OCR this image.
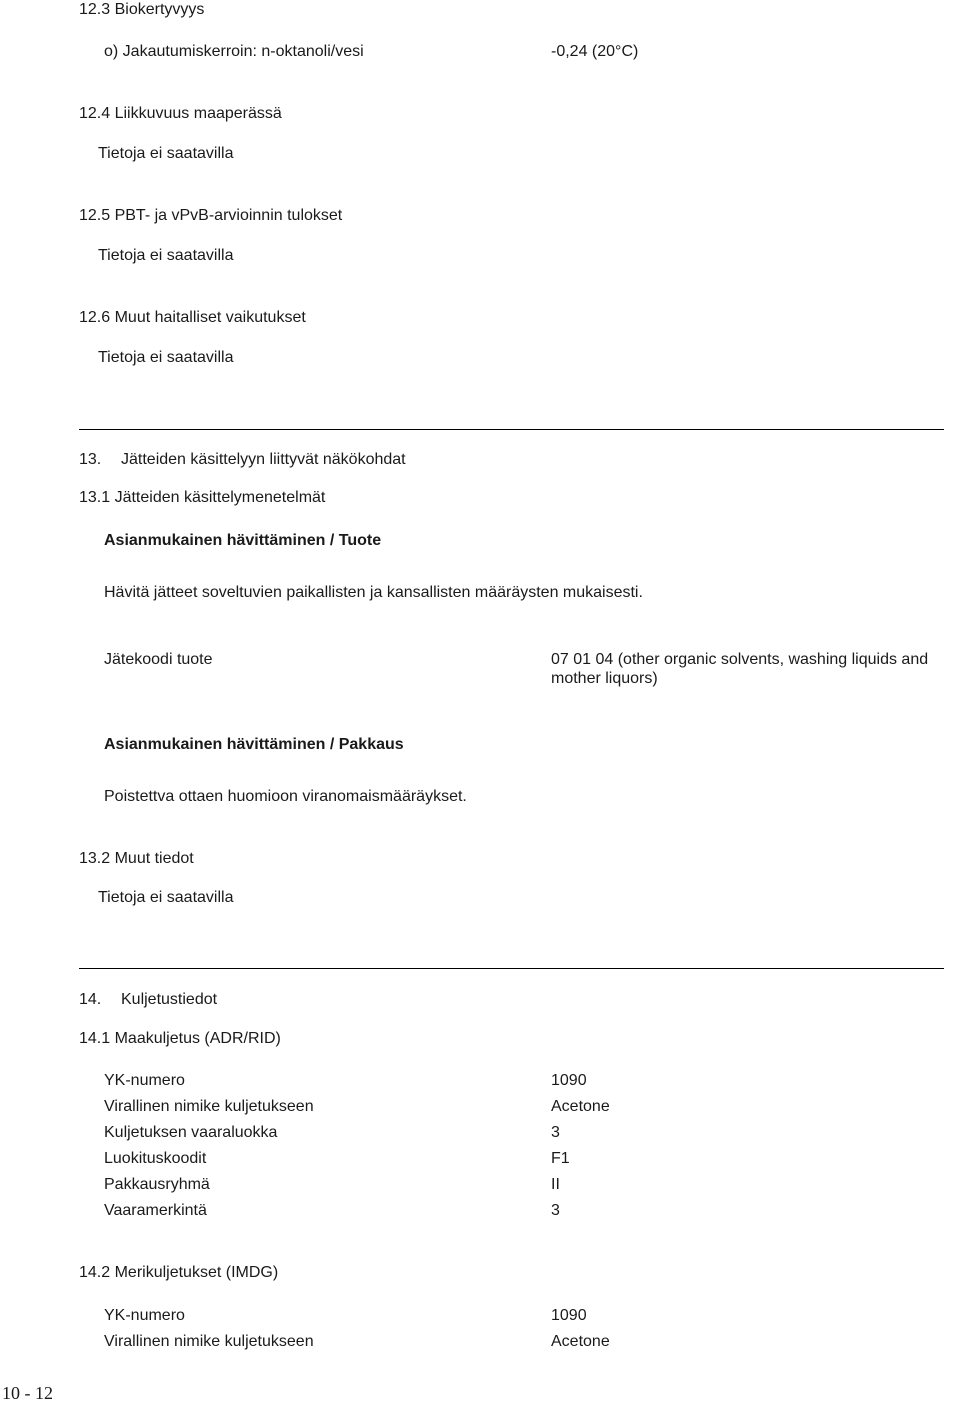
12.3 Biokertyvyys
o) Jakautumiskerroin: n-oktanoli/vesi	-0,24 (20°C)
12.4 Liikkuvuus maaperässä
Tietoja ei saatavilla
12.5 PBT- ja vPvB-arvioinnin tulokset
Tietoja ei saatavilla
12.6 Muut haitalliset vaikutukset
Tietoja ei saatavilla
13. Jätteiden käsittelyyn liittyvät näkökohdat
13.1 Jätteiden käsittelymenetelmät
Asianmukainen hävittäminen / Tuote
Hävitä jätteet soveltuvien paikallisten ja kansallisten määräysten mukaisesti.
Jätekoodi tuote	07 01 04 (other organic solvents, washing liquids and
mother liquors)
Asianmukainen hävittäminen / Pakkaus
Poistettva ottaen huomioon viranomaismääräykset.
13.2 Muut tiedot
Tietoja ei saatavilla
14. Kuljetustiedot
14.1 Maakuljetus (ADR/RID)
YK-numero	1090
Virallinen nimike kuljetukseen	Acetone
Kuljetuksen vaaraluokka	3
Luokituskoodit	F1
Pakkausryhmä	II
Vaaramerkintä	3
14.2 Merikuljetukset (IMDG)
YK-numero	1090
Virallinen nimike kuljetukseen	Acetone
10 - 12
